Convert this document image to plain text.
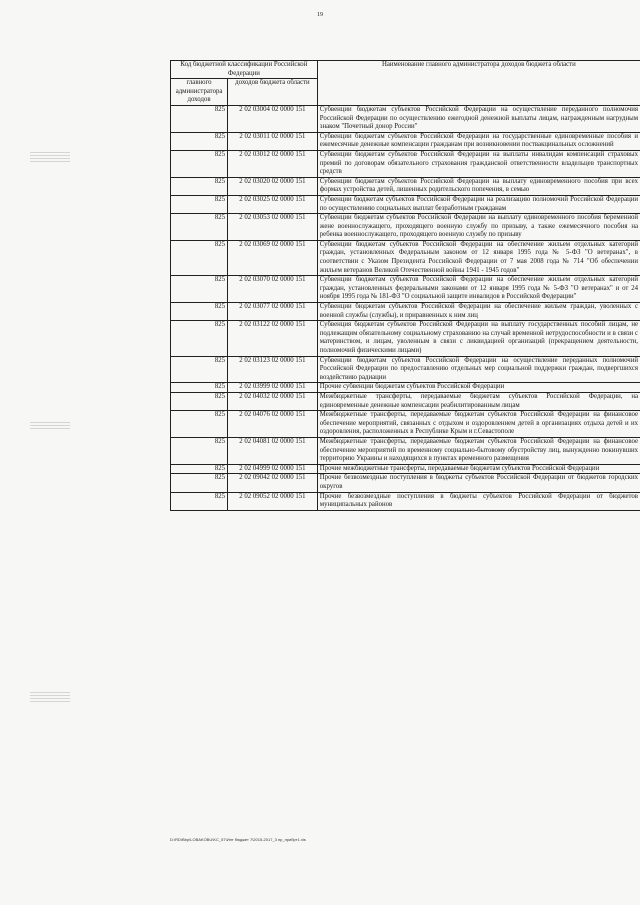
19
Код бюджетной классификации Российской Федерации		Наименование главного администратора доходов бюджета области
главного администратора доходов	доходов бюджета области	
825	2 02 03004 02 0000 151	Субвенции бюджетам субъектов Российской Федерации на осуществление переданного полномочия Российской Федерации по осуществлению ежегодной денежной выплаты лицам, награжденным нагрудным знаком "Почетный донор России"
825	2 02 03011 02 0000 151	Субвенции бюджетам субъектов Российской Федерации на государственные единовременные пособия и ежемесячные денежные компенсации гражданам при возникновении поствакцинальных осложнений
825	2 02 03012 02 0000 151	Субвенции бюджетам субъектов Российской Федерации на выплаты инвалидам компенсаций страховых премий по договорам обязательного страхования гражданской ответственности владельцев транспортных средств
825	2 02 03020 02 0000 151	Субвенции бюджетам субъектов Российской Федерации на выплату единовременного пособия при всех формах устройства детей, лишенных родительского попечения, в семью
825	2 02 03025 02 0000 151	Субвенции бюджетам субъектов Российской Федерации на реализацию полномочий Российской Федерации по осуществлению социальных выплат безработным гражданам
825	2 02 03053 02 0000 151	Субвенции бюджетам субъектов Российской Федерации на выплату единовременного пособия беременной жене военнослужащего, проходящего военную службу по призыву, а также ежемесячного пособия на ребенка военнослужащего, проходящего военную службу по призыву
825	2 02 03069 02 0000 151	Субвенции бюджетам субъектов Российской Федерации на обеспечение жильем отдельных категорий граждан, установленных Федеральным законом от 12 января 1995 года № 5-ФЗ "О ветеранах", в соответствии с Указом Президента Российской Федерации от 7 мая 2008 года № 714 "Об обеспечении жильем ветеранов Великой Отечественной войны 1941 - 1945 годов"
825	2 02 03070 02 0000 151	Субвенции бюджетам субъектов Российской Федерации на обеспечение жильем отдельных категорий граждан, установленных федеральными законами от 12 января 1995 года № 5-ФЗ "О ветеранах" и от 24 ноября 1995 года № 181-ФЗ "О социальной защите инвалидов в Российской Федерации"
825	2 02 03077 02 0000 151	Субвенции бюджетам субъектов Российской Федерации на обеспечение жильем граждан, уволенных с военной службы (службы), и приравненных к ним лиц
825	2 02 03122 02 0000 151	Субвенция бюджетам субъектов Российской Федерации на выплату государственных пособий лицам, не подлежащим обязательному социальному страхованию на случай временной нетрудоспособности и в связи с материнством, и лицам, уволенным в связи с ликвидацией организаций (прекращением деятельности, полномочий физическими лицами)
825	2 02 03123 02 0000 151	Субвенции бюджетам субъектов Российской Федерации на осуществление переданных полномочий Российской Федерации по предоставлению отдельных мер социальной поддержки граждан, подвергшихся воздействию радиации
825	2 02 03999 02 0000 151	Прочие субвенции бюджетам субъектов Российской Федерации
825	2 02 04032 02 0000 151	Межбюджетные трансферты, передаваемые бюджетам субъектов Российской Федерации, на единовременные денежные компенсации реабилитированным лицам
825	2 02 04076 02 0000 151	Межбюджетные трансферты, передаваемые бюджетам субъектов Российской Федерации на финансовое обеспечение мероприятий, связанных с отдыхом и оздоровлением детей в организациях отдыха детей и их оздоровления, расположенных в Республике Крым и г.Севастополе
825	2 02 04081 02 0000 151	Межбюджетные трансферты, передаваемые бюджетам субъектов Российской Федерации на финансовое обеспечение мероприятий по временному социально-бытовому обустройству лиц, вынужденно покинувших территорию Украины и находящихся в пунктах временного размещения
825	2 02 04999 02 0000 151	Прочие межбюджетные трансферты, передаваемые бюджетам субъектов Российской Федерации
825	2 02 09042 02 0000 151	Прочие безвозмездные поступления в бюджеты субъектов Российской Федерации от бюджетов городских округов
825	2 02 09052 02 0000 151	Прочие безвозмездные поступления в бюджеты субъектов Российской Федерации от бюджетов муниципальных районов
D:\RD\Bbp\LOBAKOBU\KC_57\Инт бюджет 7\2015-2017_3 пр_прибрт1.xls
